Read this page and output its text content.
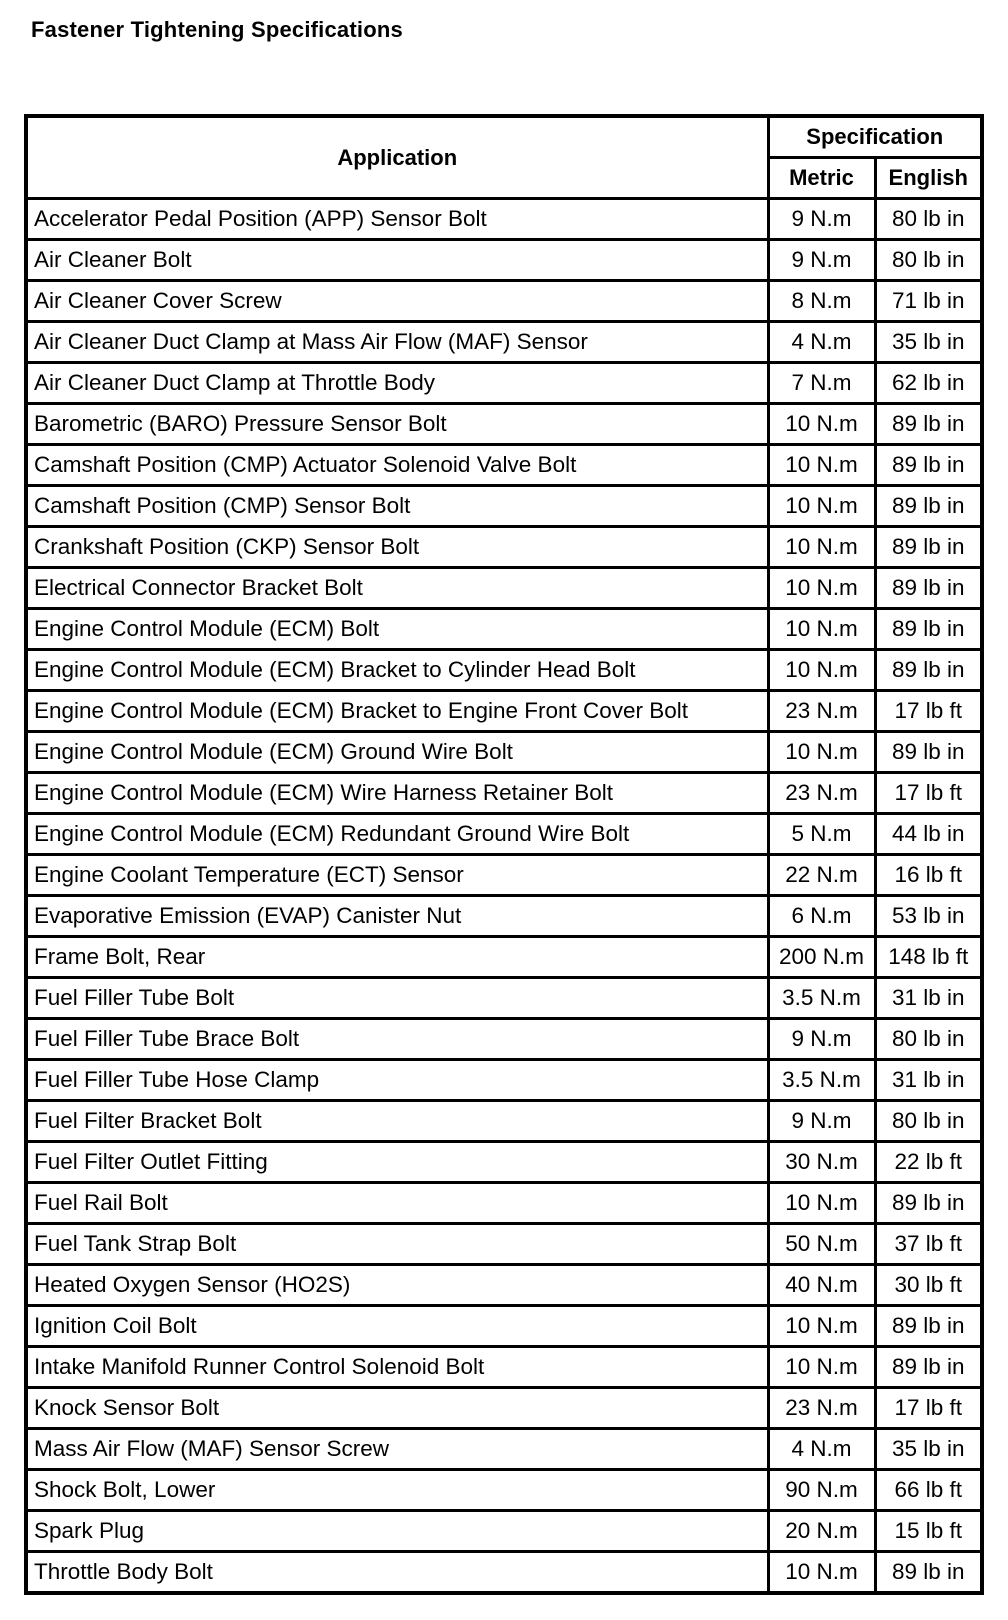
Fastener Tightening Specifications
Application	Specification	
	Metric	English
Accelerator Pedal Position (APP) Sensor Bolt	9 N.m	80 lb in
Air Cleaner Bolt	9 N.m	80 lb in
Air Cleaner Cover Screw	8 N.m	71 lb in
Air Cleaner Duct Clamp at Mass Air Flow (MAF) Sensor	4 N.m	35 lb in
Air Cleaner Duct Clamp at Throttle Body	7 N.m	62 lb in
Barometric (BARO) Pressure Sensor Bolt	10 N.m	89 lb in
Camshaft Position (CMP) Actuator Solenoid Valve Bolt	10 N.m	89 lb in
Camshaft Position (CMP) Sensor Bolt	10 N.m	89 lb in
Crankshaft Position (CKP) Sensor Bolt	10 N.m	89 lb in
Electrical Connector Bracket Bolt	10 N.m	89 lb in
Engine Control Module (ECM) Bolt	10 N.m	89 lb in
Engine Control Module (ECM) Bracket to Cylinder Head Bolt	10 N.m	89 lb in
Engine Control Module (ECM) Bracket to Engine Front Cover Bolt	23 N.m	17 lb ft
Engine Control Module (ECM) Ground Wire Bolt	10 N.m	89 lb in
Engine Control Module (ECM) Wire Harness Retainer Bolt	23 N.m	17 lb ft
Engine Control Module (ECM) Redundant Ground Wire Bolt	5 N.m	44 lb in
Engine Coolant Temperature (ECT) Sensor	22 N.m	16 lb ft
Evaporative Emission (EVAP) Canister Nut	6 N.m	53 lb in
Frame Bolt, Rear	200 N.m	148 lb ft
Fuel Filler Tube Bolt	3.5 N.m	31 lb in
Fuel Filler Tube Brace Bolt	9 N.m	80 lb in
Fuel Filler Tube Hose Clamp	3.5 N.m	31 lb in
Fuel Filter Bracket Bolt	9 N.m	80 lb in
Fuel Filter Outlet Fitting	30 N.m	22 lb ft
Fuel Rail Bolt	10 N.m	89 lb in
Fuel Tank Strap Bolt	50 N.m	37 lb ft
Heated Oxygen Sensor (HO2S)	40 N.m	30 lb ft
Ignition Coil Bolt	10 N.m	89 lb in
Intake Manifold Runner Control Solenoid Bolt	10 N.m	89 lb in
Knock Sensor Bolt	23 N.m	17 lb ft
Mass Air Flow (MAF) Sensor Screw	4 N.m	35 lb in
Shock Bolt, Lower	90 N.m	66 lb ft
Spark Plug	20 N.m	15 lb ft
Throttle Body Bolt	10 N.m	89 lb in
